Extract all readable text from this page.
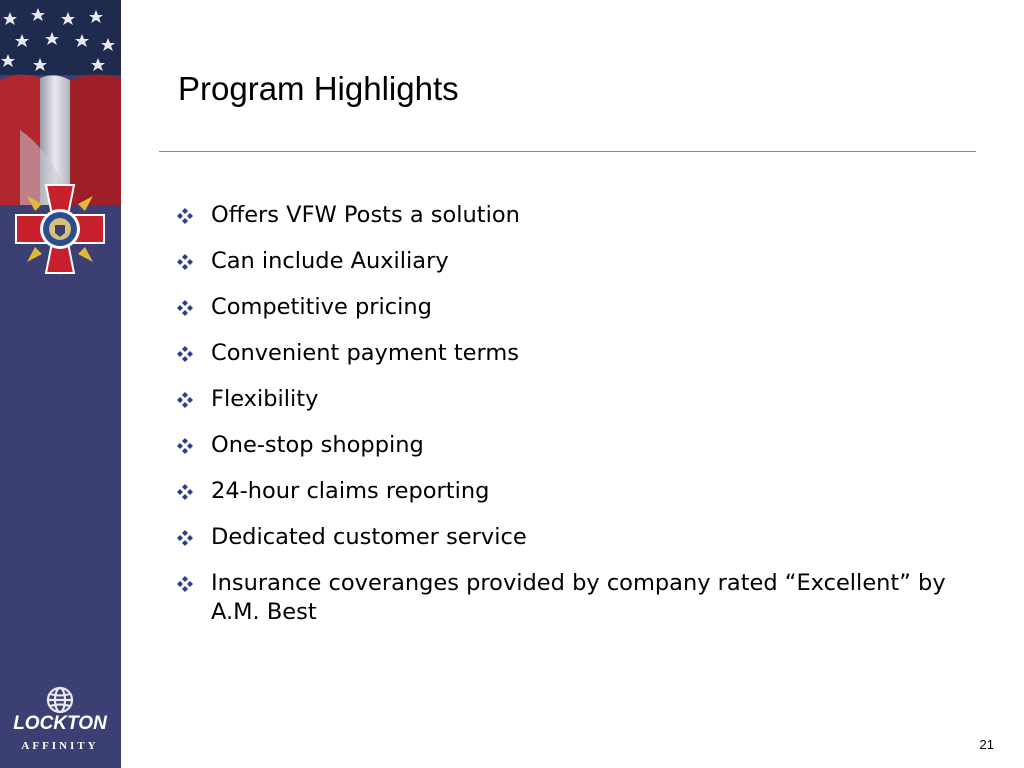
LOCKTON
AFFINITY
Program Highlights
Offers VFW Posts a solution
Can include Auxiliary
Competitive pricing
Convenient payment terms
Flexibility
One-stop shopping
24-hour claims reporting
Dedicated customer service
Insurance coveranges provided by company rated “Excellent” by A.M. Best
21
